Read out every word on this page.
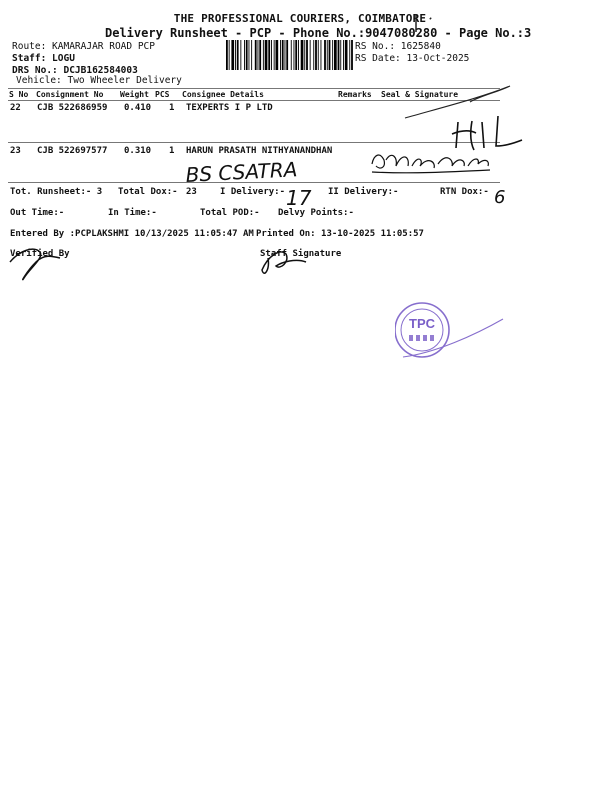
THE PROFESSIONAL COURIERS, COIMBATORE
Delivery Runsheet - PCP - Phone No.:9047080280 - Page No.:3
Route: KAMARAJAR ROAD PCP
Staff: LOGU
DRS No.: DCJB162584003
Vehicle: Two Wheeler Delivery
RS No.: 1625840
RS Date: 13-Oct-2025
S No Consignment No Weight PCS Consignee Details	Remarks Seal & Signature
22 CJB 522686959 0.410 1 TEXPERTS I P LTD
23 CJB 522697577 0.310 1 HARUN PRASATH NITHYANANDHAN
Tot. Runsheet:- 3 Total Dox:- 23	I Delivery:-	II Delivery:-	RTN Dox:-
Out Time:-	In Time:-	Total POD:- Delvy Points:-
Entered By :PCPLAKSHMI 10/13/2025 11:05:47 AM Printed On: 13-10-2025 11:05:57
Verified By	Staff Signature
BS CSATRA
17	6
TPC
